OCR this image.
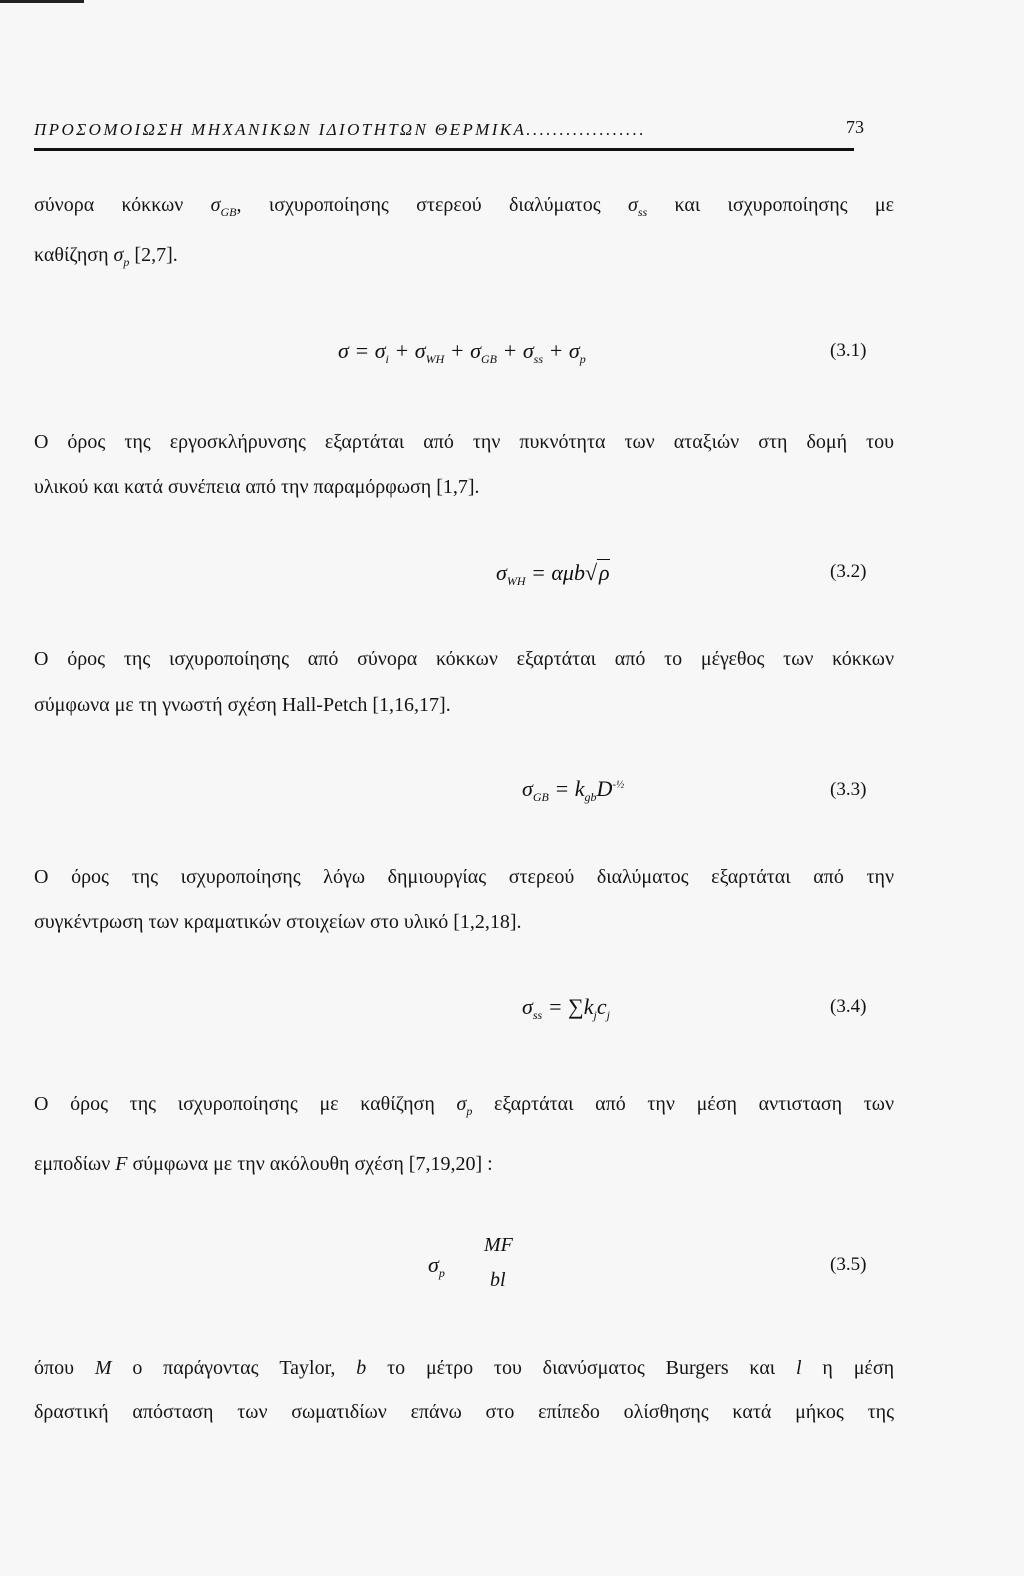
ΠΡΟΣΟΜΟΙΩΣΗ ΜΗΧΑΝΙΚΩΝ ΙΔΙΟΤΗΤΩΝ ΘΕΡΜΙΚΑ..................	73
σύνορα κόκκων $\sigma_{GB}$, ισχυροποίησης στερεού διαλύματος $\sigma_{ss}$ και ισχυροποίησης με
καθίζηση $\sigma_p$ [2,7].
$\sigma = \sigma_i + \sigma_{WH} + \sigma_{GB} + \sigma_{ss} + \sigma_p$	(3.1)
Ο όρος της εργοσκλήρυνσης εξαρτάται από την πυκνότητα των αταξιών στη δομή του
υλικού και κατά συνέπεια από την παραμόρφωση [1,7].
$\sigma_{WH} = \alpha\mu b√\rho$	(3.2)
Ο όρος της ισχυροποίησης από σύνορα κόκκων εξαρτάται από το μέγεθος των κόκκων
σύμφωνα με τη γνωστή σχέση Hall-Petch [1,16,17].
$\sigma_{GB} = k_{gb}D^{-\frac{1}{2}}$	(3.3)
Ο όρος της ισχυροποίησης λόγω δημιουργίας στερεού διαλύματος εξαρτάται από την
συγκέντρωση των κραματικών στοιχείων στο υλικό [1,2,18].
$\sigma_{ss} = \sum k_jc_j$	(3.4)
Ο όρος της ισχυροποίησης με καθίζηση $\sigma_p$ εξαρτάται από την μέση αντισταση των
εμποδίων F σύμφωνα με την ακόλουθη σχέση [7,19,20] :
$\sigma_p$
MF
bl
(3.5)
όπου M ο παράγοντας Taylor, b το μέτρο του διανύσματος Burgers και l η μέση
δραστική απόσταση των σωματιδίων επάνω στο επίπεδο ολίσθησης κατά μήκος της
